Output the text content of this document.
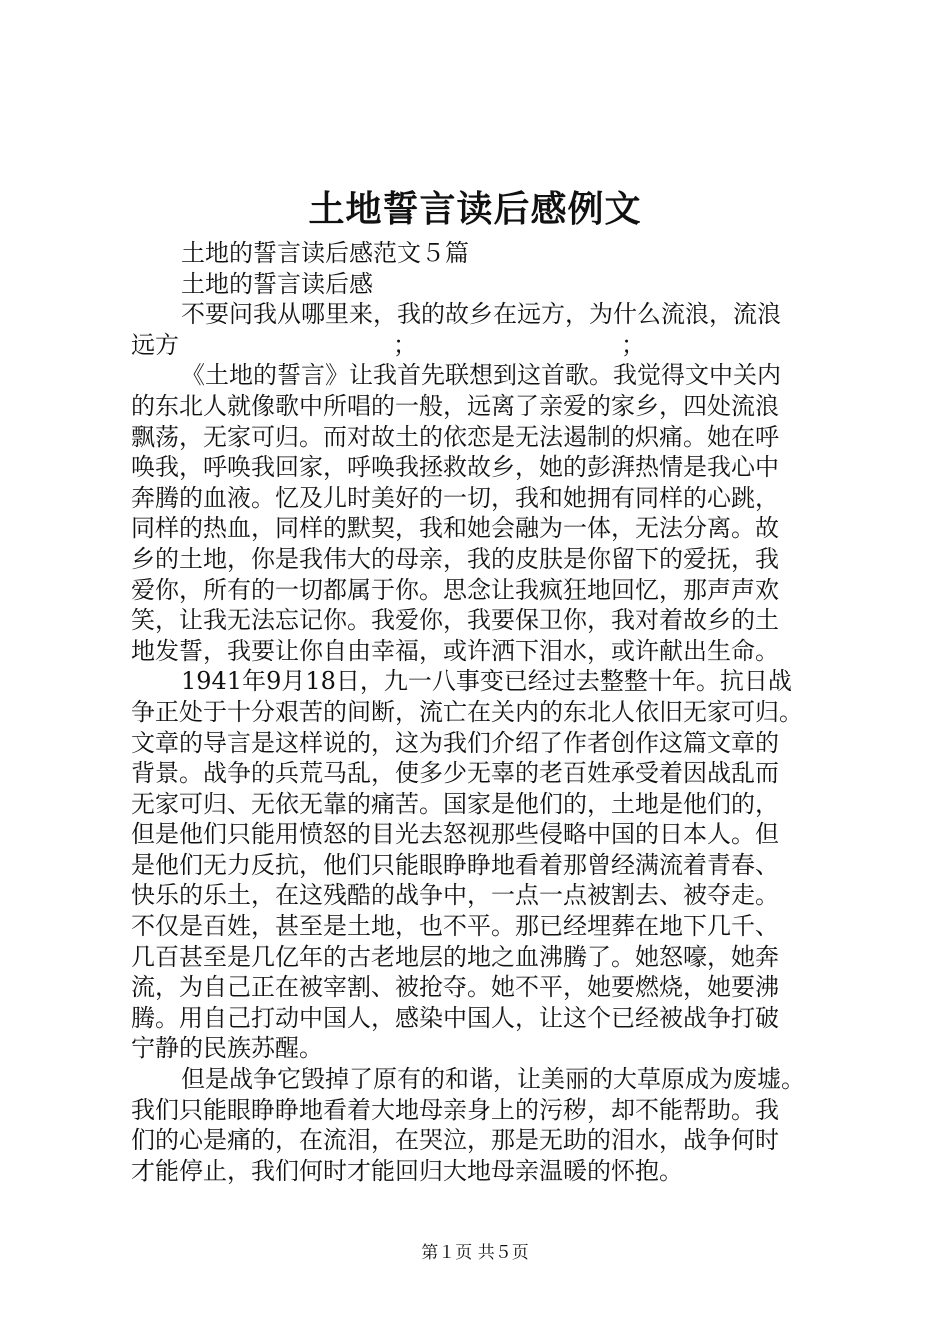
土地誓言读后感例文

土地的誓言读后感范文５篇

土地的誓言读后感

不要问我从哪里来，我的故乡在远方，为什么流浪，流浪

远方	；	；
《土地的誓言》让我首先联想到这首歌。我觉得文中关内
的东北人就像歌中所唱的一般，远离了亲爱的家乡，四处流浪
飘荡，无家可归。而对故土的依恋是无法遏制的炽痛。她在呼
唤我，呼唤我回家，呼唤我拯救故乡，她的彭湃热情是我心中
奔腾的血液。忆及儿时美好的一切，我和她拥有同样的心跳，
同样的热血，同样的默契，我和她会融为一体，无法分离。故
乡的土地，你是我伟大的母亲，我的皮肤是你留下的爱抚，我
爱你，所有的一切都属于你。思念让我疯狂地回忆，那声声欢
笑，让我无法忘记你。我爱你，我要保卫你，我对着故乡的土
地发誓，我要让你自由幸福，或许洒下泪水，或许献出生命。
1941年9月18日，九一八事变已经过去整整十年。抗日战
争正处于十分艰苦的间断，流亡在关内的东北人依旧无家可归。
文章的导言是这样说的，这为我们介绍了作者创作这篇文章的
背景。战争的兵荒马乱，使多少无辜的老百姓承受着因战乱而
无家可归、无依无靠的痛苦。国家是他们的，土地是他们的，
但是他们只能用愤怒的目光去怒视那些侵略中国的日本人。但
是他们无力反抗，他们只能眼睁睁地看着那曾经满流着青春、
快乐的乐土，在这残酷的战争中，一点一点被割去、被夺走。
不仅是百姓，甚至是土地，也不平。那已经埋葬在地下几千、
几百甚至是几亿年的古老地层的地之血沸腾了。她怒嚎，她奔
流，为自己正在被宰割、被抢夺。她不平，她要燃烧，她要沸
腾。用自己打动中国人，感染中国人，让这个已经被战争打破
宁静的民族苏醒。
但是战争它毁掉了原有的和谐，让美丽的大草原成为废墟。
我们只能眼睁睁地看着大地母亲身上的污秽，却不能帮助。我
们的心是痛的，在流泪，在哭泣，那是无助的泪水，战争何时
才能停止，我们何时才能回归大地母亲温暖的怀抱。
第１页 共５页
